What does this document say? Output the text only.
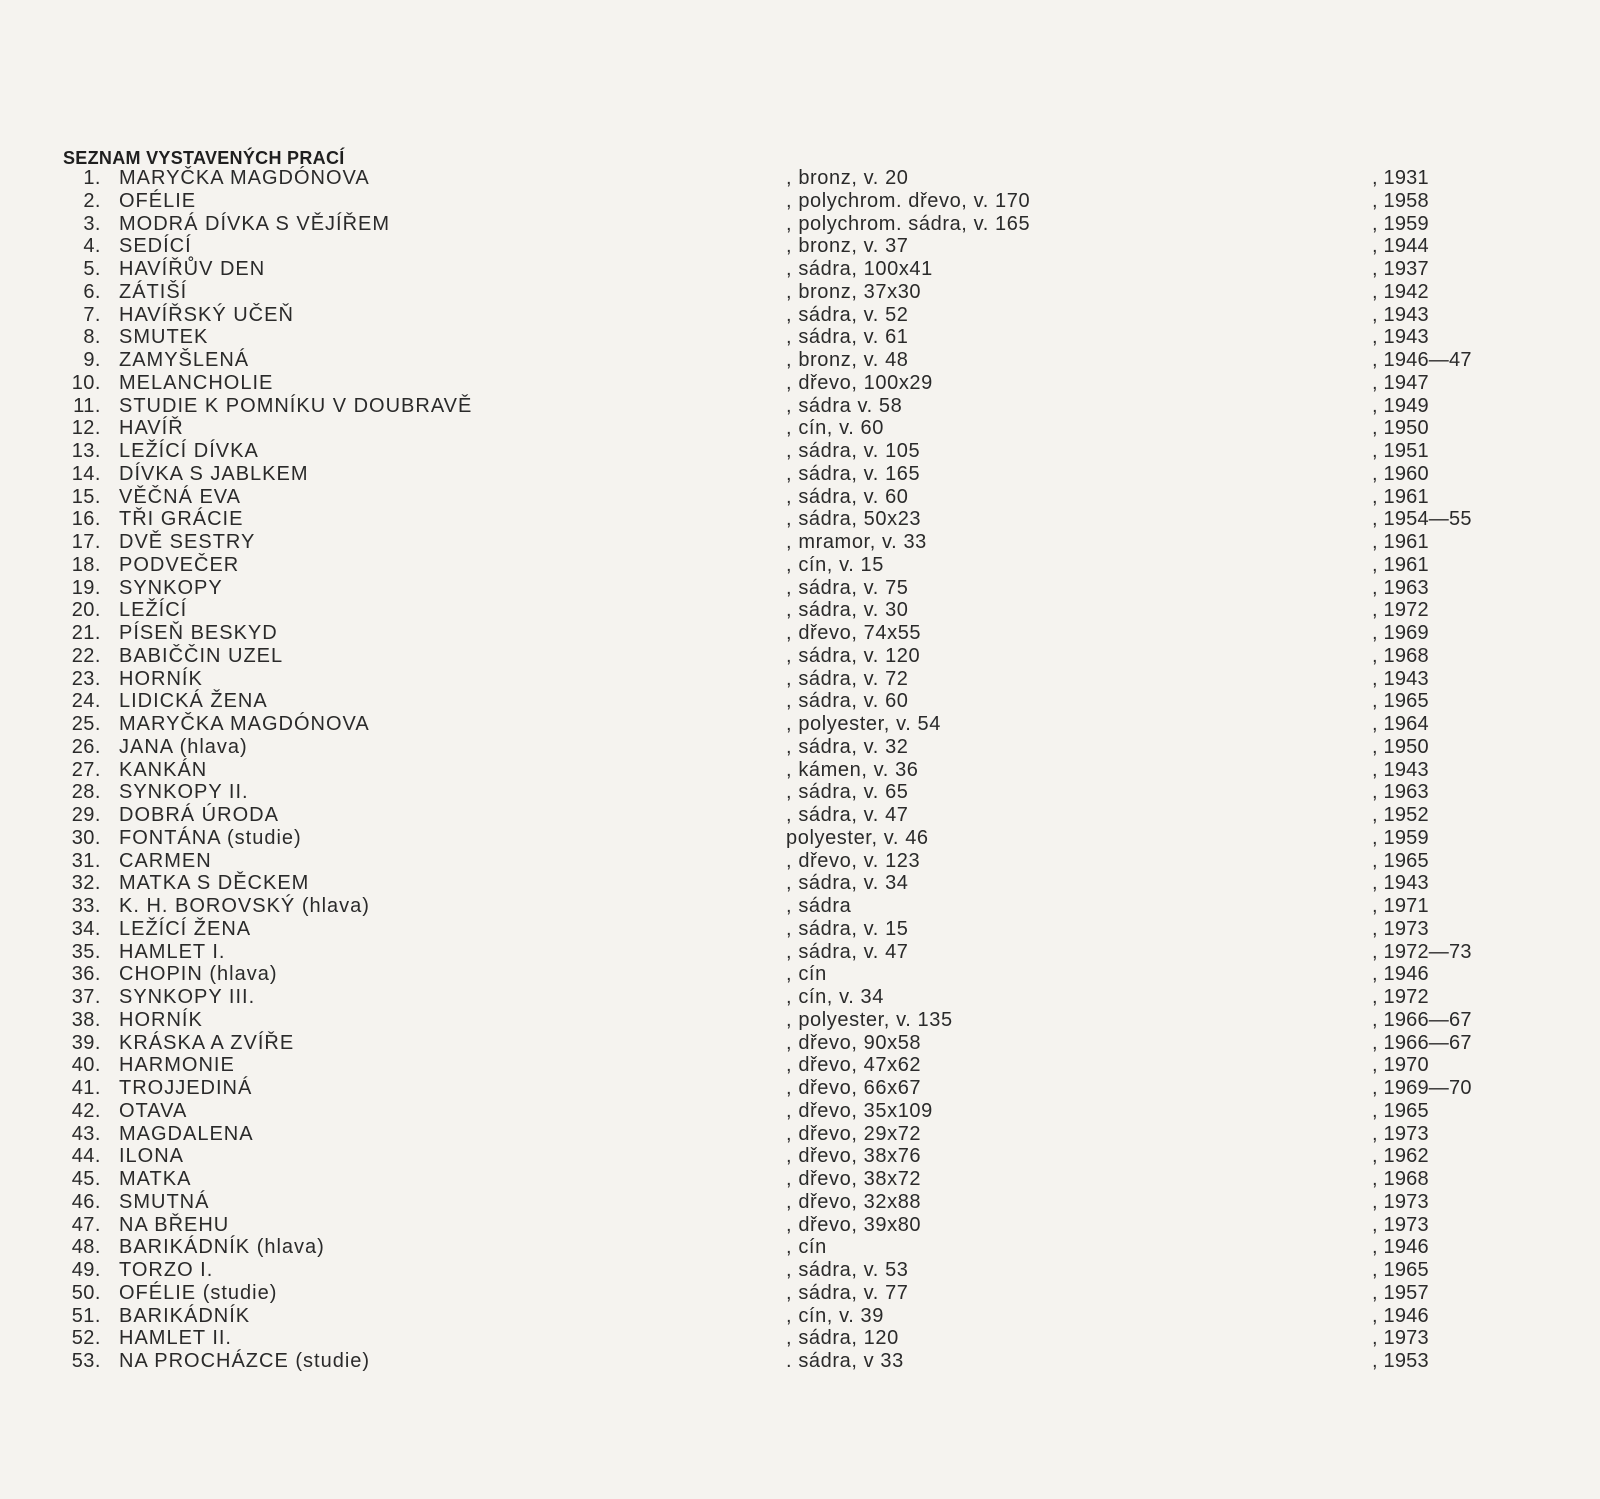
SEZNAM VYSTAVENÝCH PRACÍ
1. MARYČKA MAGDÓNOVA	, bronz, v. 20	, 1931
2. OFÉLIE	, polychrom. dřevo, v. 170	, 1958
3. MODRÁ DÍVKA S VĚJÍŘEM	, polychrom. sádra, v. 165	, 1959
4. SEDÍCÍ	, bronz, v. 37	, 1944
5. HAVÍŘŮV DEN	, sádra, 100x41	, 1937
6. ZÁTIŠÍ	, bronz, 37x30	, 1942
7. HAVÍŘSKÝ UČEŇ	, sádra, v. 52	, 1943
8. SMUTEK	, sádra, v. 61	, 1943
9. ZAMYŠLENÁ	, bronz, v. 48	, 1946—47
10. MELANCHOLIE	, dřevo, 100x29	, 1947
11. STUDIE K POMNÍKU V DOUBRAVĚ	, sádra v. 58	, 1949
12. HAVÍŘ	, cín, v. 60	, 1950
13. LEŽÍCÍ DÍVKA	, sádra, v. 105	, 1951
14. DÍVKA S JABLKEM	, sádra, v. 165	, 1960
15. VĚČNÁ EVA	, sádra, v. 60	, 1961
16. TŘI GRÁCIE	, sádra, 50x23	, 1954—55
17. DVĚ SESTRY	, mramor, v. 33	, 1961
18. PODVEČER	, cín, v. 15	, 1961
19. SYNKOPY	, sádra, v. 75	, 1963
20. LEŽÍCÍ	, sádra, v. 30	, 1972
21. PÍSEŇ BESKYD	, dřevo, 74x55	, 1969
22. BABIČČIN UZEL	, sádra, v. 120	, 1968
23. HORNÍK	, sádra, v. 72	, 1943
24. LIDICKÁ ŽENA	, sádra, v. 60	, 1965
25. MARYČKA MAGDÓNOVA	, polyester, v. 54	, 1964
26. JANA (hlava)	, sádra, v. 32	, 1950
27. KANKÁN	, kámen, v. 36	, 1943
28. SYNKOPY II.	, sádra, v. 65	, 1963
29. DOBRÁ ÚRODA	, sádra, v. 47	, 1952
30. FONTÁNA (studie)	polyester, v. 46	, 1959
31. CARMEN	, dřevo, v. 123	, 1965
32. MATKA S DĚCKEM	, sádra, v. 34	, 1943
33. K. H. BOROVSKÝ (hlava)	, sádra	, 1971
34. LEŽÍCÍ ŽENA	, sádra, v. 15	, 1973
35. HAMLET I.	, sádra, v. 47	, 1972—73
36. CHOPIN (hlava)	, cín	, 1946
37. SYNKOPY III.	, cín, v. 34	, 1972
38. HORNÍK	, polyester, v. 135	, 1966—67
39. KRÁSKA A ZVÍŘE	, dřevo, 90x58	, 1966—67
40. HARMONIE	, dřevo, 47x62	, 1970
41. TROJJEDINÁ	, dřevo, 66x67	, 1969—70
42. OTAVA	, dřevo, 35x109	, 1965
43. MAGDALENA	, dřevo, 29x72	, 1973
44. ILONA	, dřevo, 38x76	, 1962
45. MATKA	, dřevo, 38x72	, 1968
46. SMUTNÁ	, dřevo, 32x88	, 1973
47. NA BŘEHU	, dřevo, 39x80	, 1973
48. BARIKÁDNÍK (hlava)	, cín	, 1946
49. TORZO I.	, sádra, v. 53	, 1965
50. OFÉLIE (studie)	, sádra, v. 77	, 1957
51. BARIKÁDNÍK	, cín, v. 39	, 1946
52. HAMLET II.	, sádra, 120	, 1973
53. NA PROCHÁZCE (studie)	. sádra, v 33	, 1953
